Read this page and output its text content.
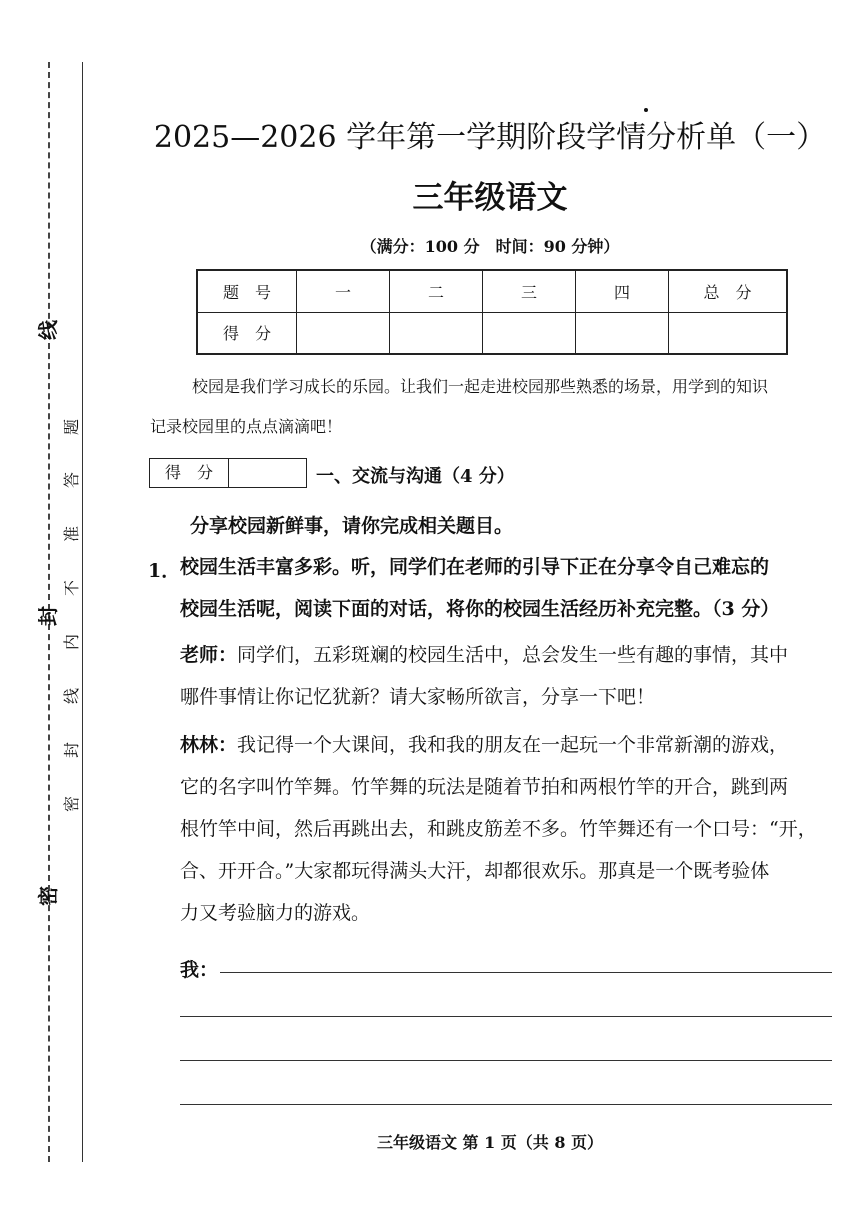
线
封
密
题
答
准
不
内
线
封
密
2025—2026 学年第一学期阶段学情分析单（一）
三年级语文
（满分：100 分　时间：90 分钟）
题　号	一	二	三	四	总　分
得　分					
校园是我们学习成长的乐园。让我们一起走进校园那些熟悉的场景，用学到的知识
记录校园里的点点滴滴吧！
得　分	一、交流与沟通（4 分）
分享校园新鲜事，请你完成相关题目。
1． 校园生活丰富多彩。听，同学们在老师的引导下正在分享令自己难忘的
校园生活呢，阅读下面的对话，将你的校园生活经历补充完整。（3 分）
老师：同学们，五彩斑斓的校园生活中，总会发生一些有趣的事情，其中
哪件事情让你记忆犹新？请大家畅所欲言，分享一下吧！
林林：我记得一个大课间，我和我的朋友在一起玩一个非常新潮的游戏，
它的名字叫竹竿舞。竹竿舞的玩法是随着节拍和两根竹竿的开合，跳到两
根竹竿中间，然后再跳出去，和跳皮筋差不多。竹竿舞还有一个口号：“开，
合、开开合。”大家都玩得满头大汗，却都很欢乐。那真是一个既考验体
力又考验脑力的游戏。
我：
三年级语文 第 1 页（共 8 页）
